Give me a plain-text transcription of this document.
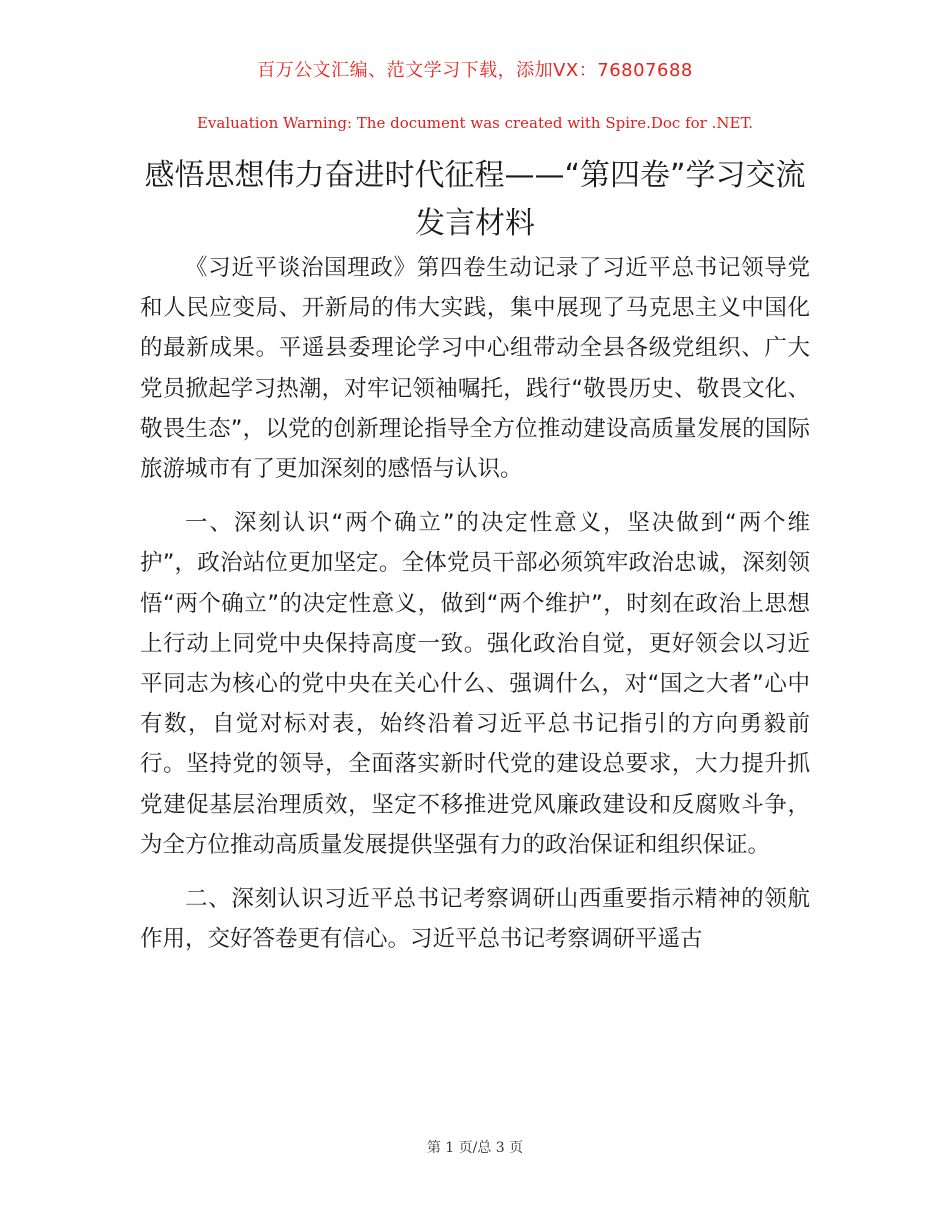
百万公文汇编、范文学习下载，添加VX：76807688
Evaluation Warning: The document was created with Spire.Doc for .NET.
感悟思想伟力奋进时代征程——“第四卷”学习交流发言材料

《习近平谈治国理政》第四卷生动记录了习近平总书记领导党和人民应变局、开新局的伟大实践，集中展现了马克思主义中国化的最新成果。平遥县委理论学习中心组带动全县各级党组织、广大党员掀起学习热潮，对牢记领袖嘱托，践行“敬畏历史、敬畏文化、敬畏生态”，以党的创新理论指导全方位推动建设高质量发展的国际旅游城市有了更加深刻的感悟与认识。

一、深刻认识“两个确立”的决定性意义，坚决做到“两个维护”，政治站位更加坚定。全体党员干部必须筑牢政治忠诚，深刻领悟“两个确立”的决定性意义，做到“两个维护”，时刻在政治上思想上行动上同党中央保持高度一致。强化政治自觉，更好领会以习近平同志为核心的党中央在关心什么、强调什么，对“国之大者”心中有数，自觉对标对表，始终沿着习近平总书记指引的方向勇毅前行。坚持党的领导，全面落实新时代党的建设总要求，大力提升抓党建促基层治理质效，坚定不移推进党风廉政建设和反腐败斗争，为全方位推动高质量发展提供坚强有力的政治保证和组织保证。

二、深刻认识习近平总书记考察调研山西重要指示精神的领航作用，交好答卷更有信心。习近平总书记考察调研平遥古

第 1 页/总 3 页
